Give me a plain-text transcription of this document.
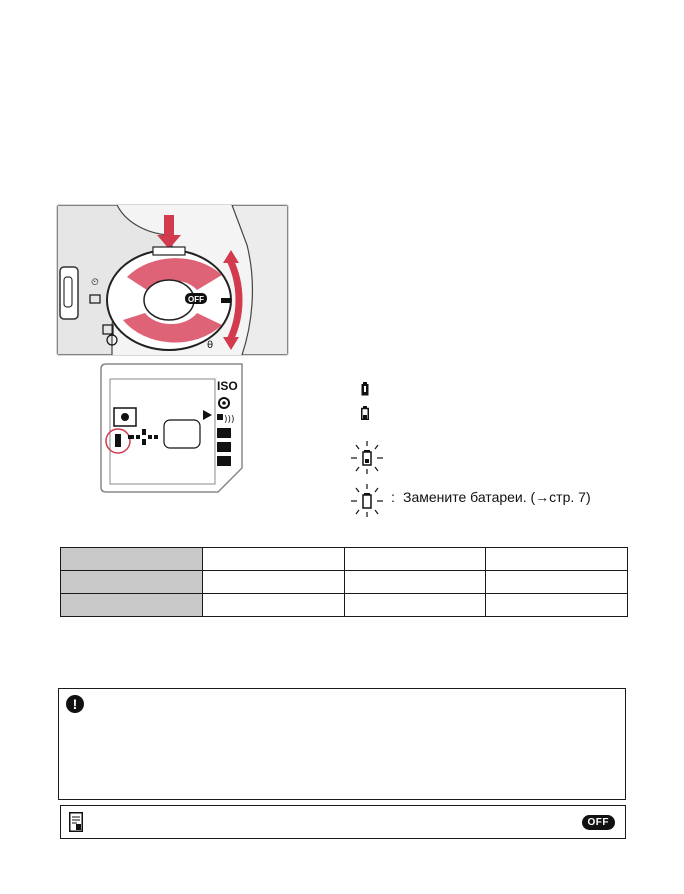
⏲
OFF
θ
ISO
)))
: Замените батареи. (→стр. 7)

!
OFF
